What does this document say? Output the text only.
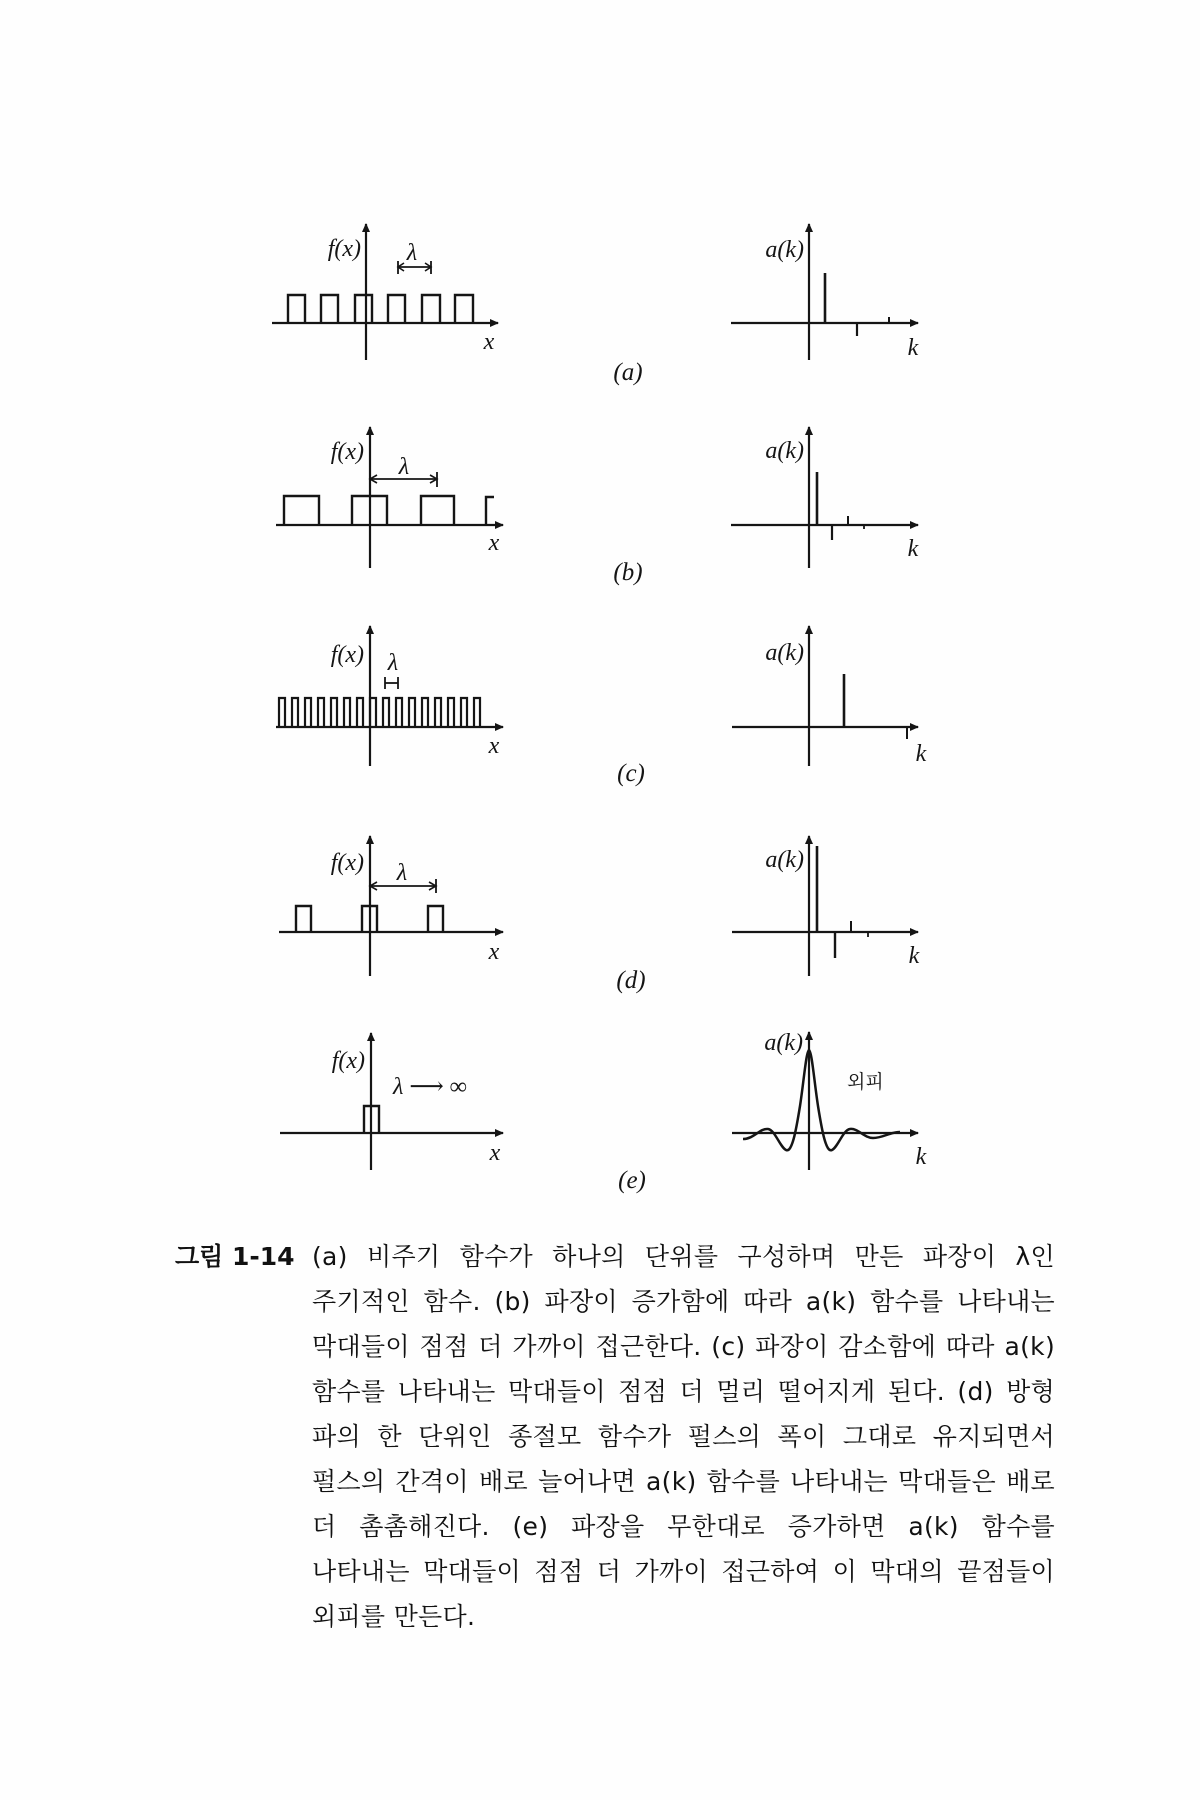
λ
f(x)
x
a(k)
k
(a)
λ
f(x)
x
a(k)
k
(b)
λ
f(x)
x
a(k)
k
(c)
λ
f(x)
x
a(k)
k
(d)
λ ⟶ ∞
f(x)
x
a(k)
외피
k
(e)
그림 1-14 (a) 비주기 함수가 하나의 단위를 구성하며 만든 파장이 λ인 주기적인 함수. (b) 파장이 증가함에 따라 a(k) 함수를 나타내는 막대들이 점점 더 가까이 접근한다. (c) 파장이 감소함에 따라 a(k) 함수를 나타내는 막대들이 점점 더 멀리 떨어지게 된다. (d) 방형 파의 한 단위인 종절모 함수가 펄스의 폭이 그대로 유지되면서 펄스의 간격이 배로 늘어나면 a(k) 함수를 나타내는 막대들은 배로 더 촘촘해진다. (e) 파장을 무한대로 증가하면 a(k) 함수를 나타내는 막대들이 점점 더 가까이 접근하여 이 막대의 끝점들이 외피를 만든다.
